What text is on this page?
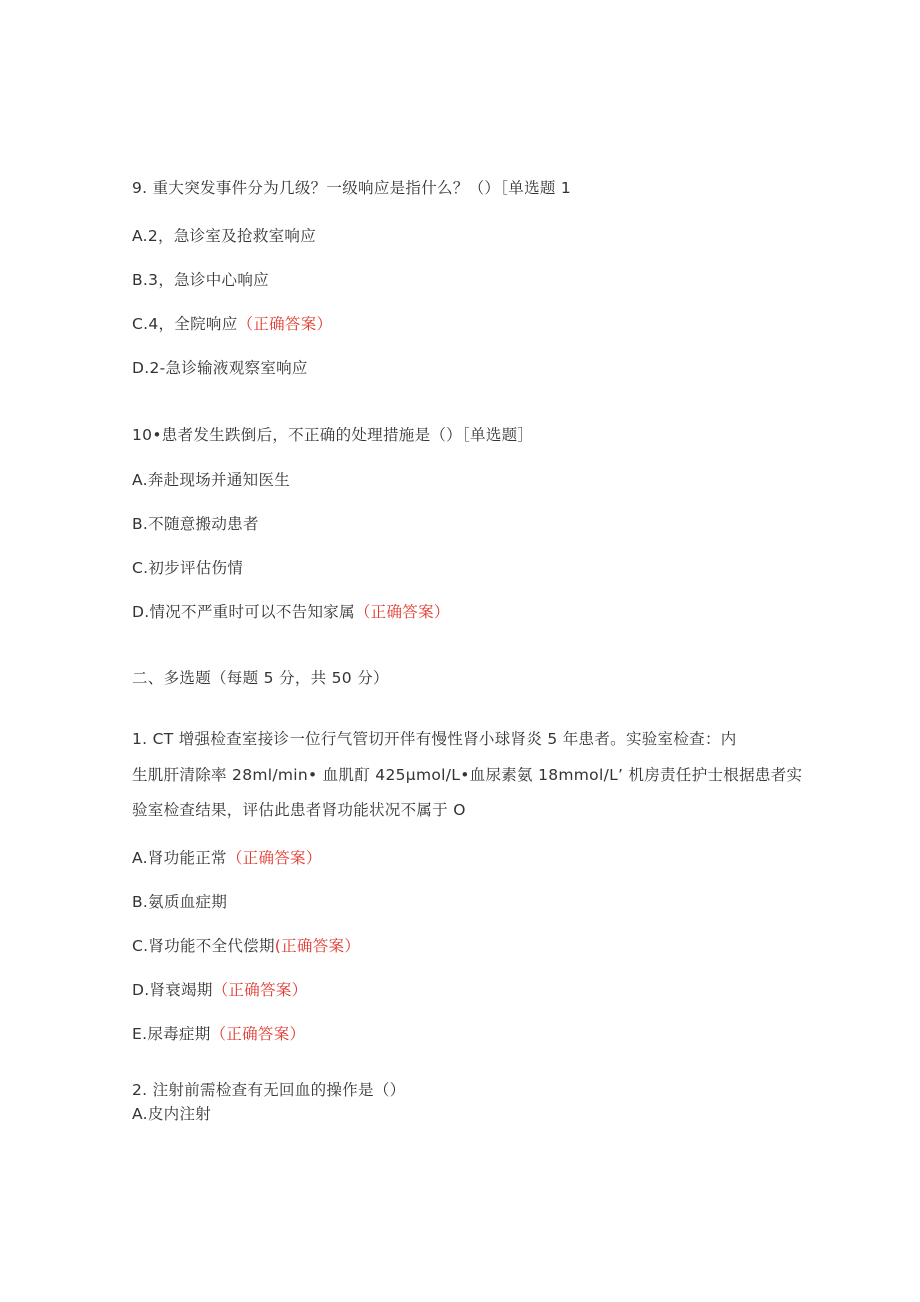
9. 重大突发事件分为几级？一级响应是指什么？（）［单选题 1
A.2，急诊室及抢救室响应
B.3，急诊中心响应
C.4，全院响应（正确答案）
D.2-急诊输液观察室响应
10•患者发生跌倒后，不正确的处理措施是（）［单选题］
A.奔赴现场并通知医生
B.不随意搬动患者
C.初步评估伤情
D.情况不严重时可以不告知家属（正确答案）
二、多选题（每题 5 分，共 50 分）
1. CT 增强检查室接诊一位行气管切开伴有慢性肾小球肾炎 5 年患者。实验室检查：内
生肌肝清除率 28ml/min• 血肌酊 425μmol/L•血尿素氨 18mmol/L’ 机房责任护士根据患者实
验室检查结果，评估此患者肾功能状况不属于 O
A.肾功能正常（正确答案）
B.氨质血症期
C.肾功能不全代偿期(正确答案）
D.肾衰竭期（正确答案）
E.尿毒症期（正确答案）
2. 注射前需检查有无回血的操作是（）
A.皮内注射
